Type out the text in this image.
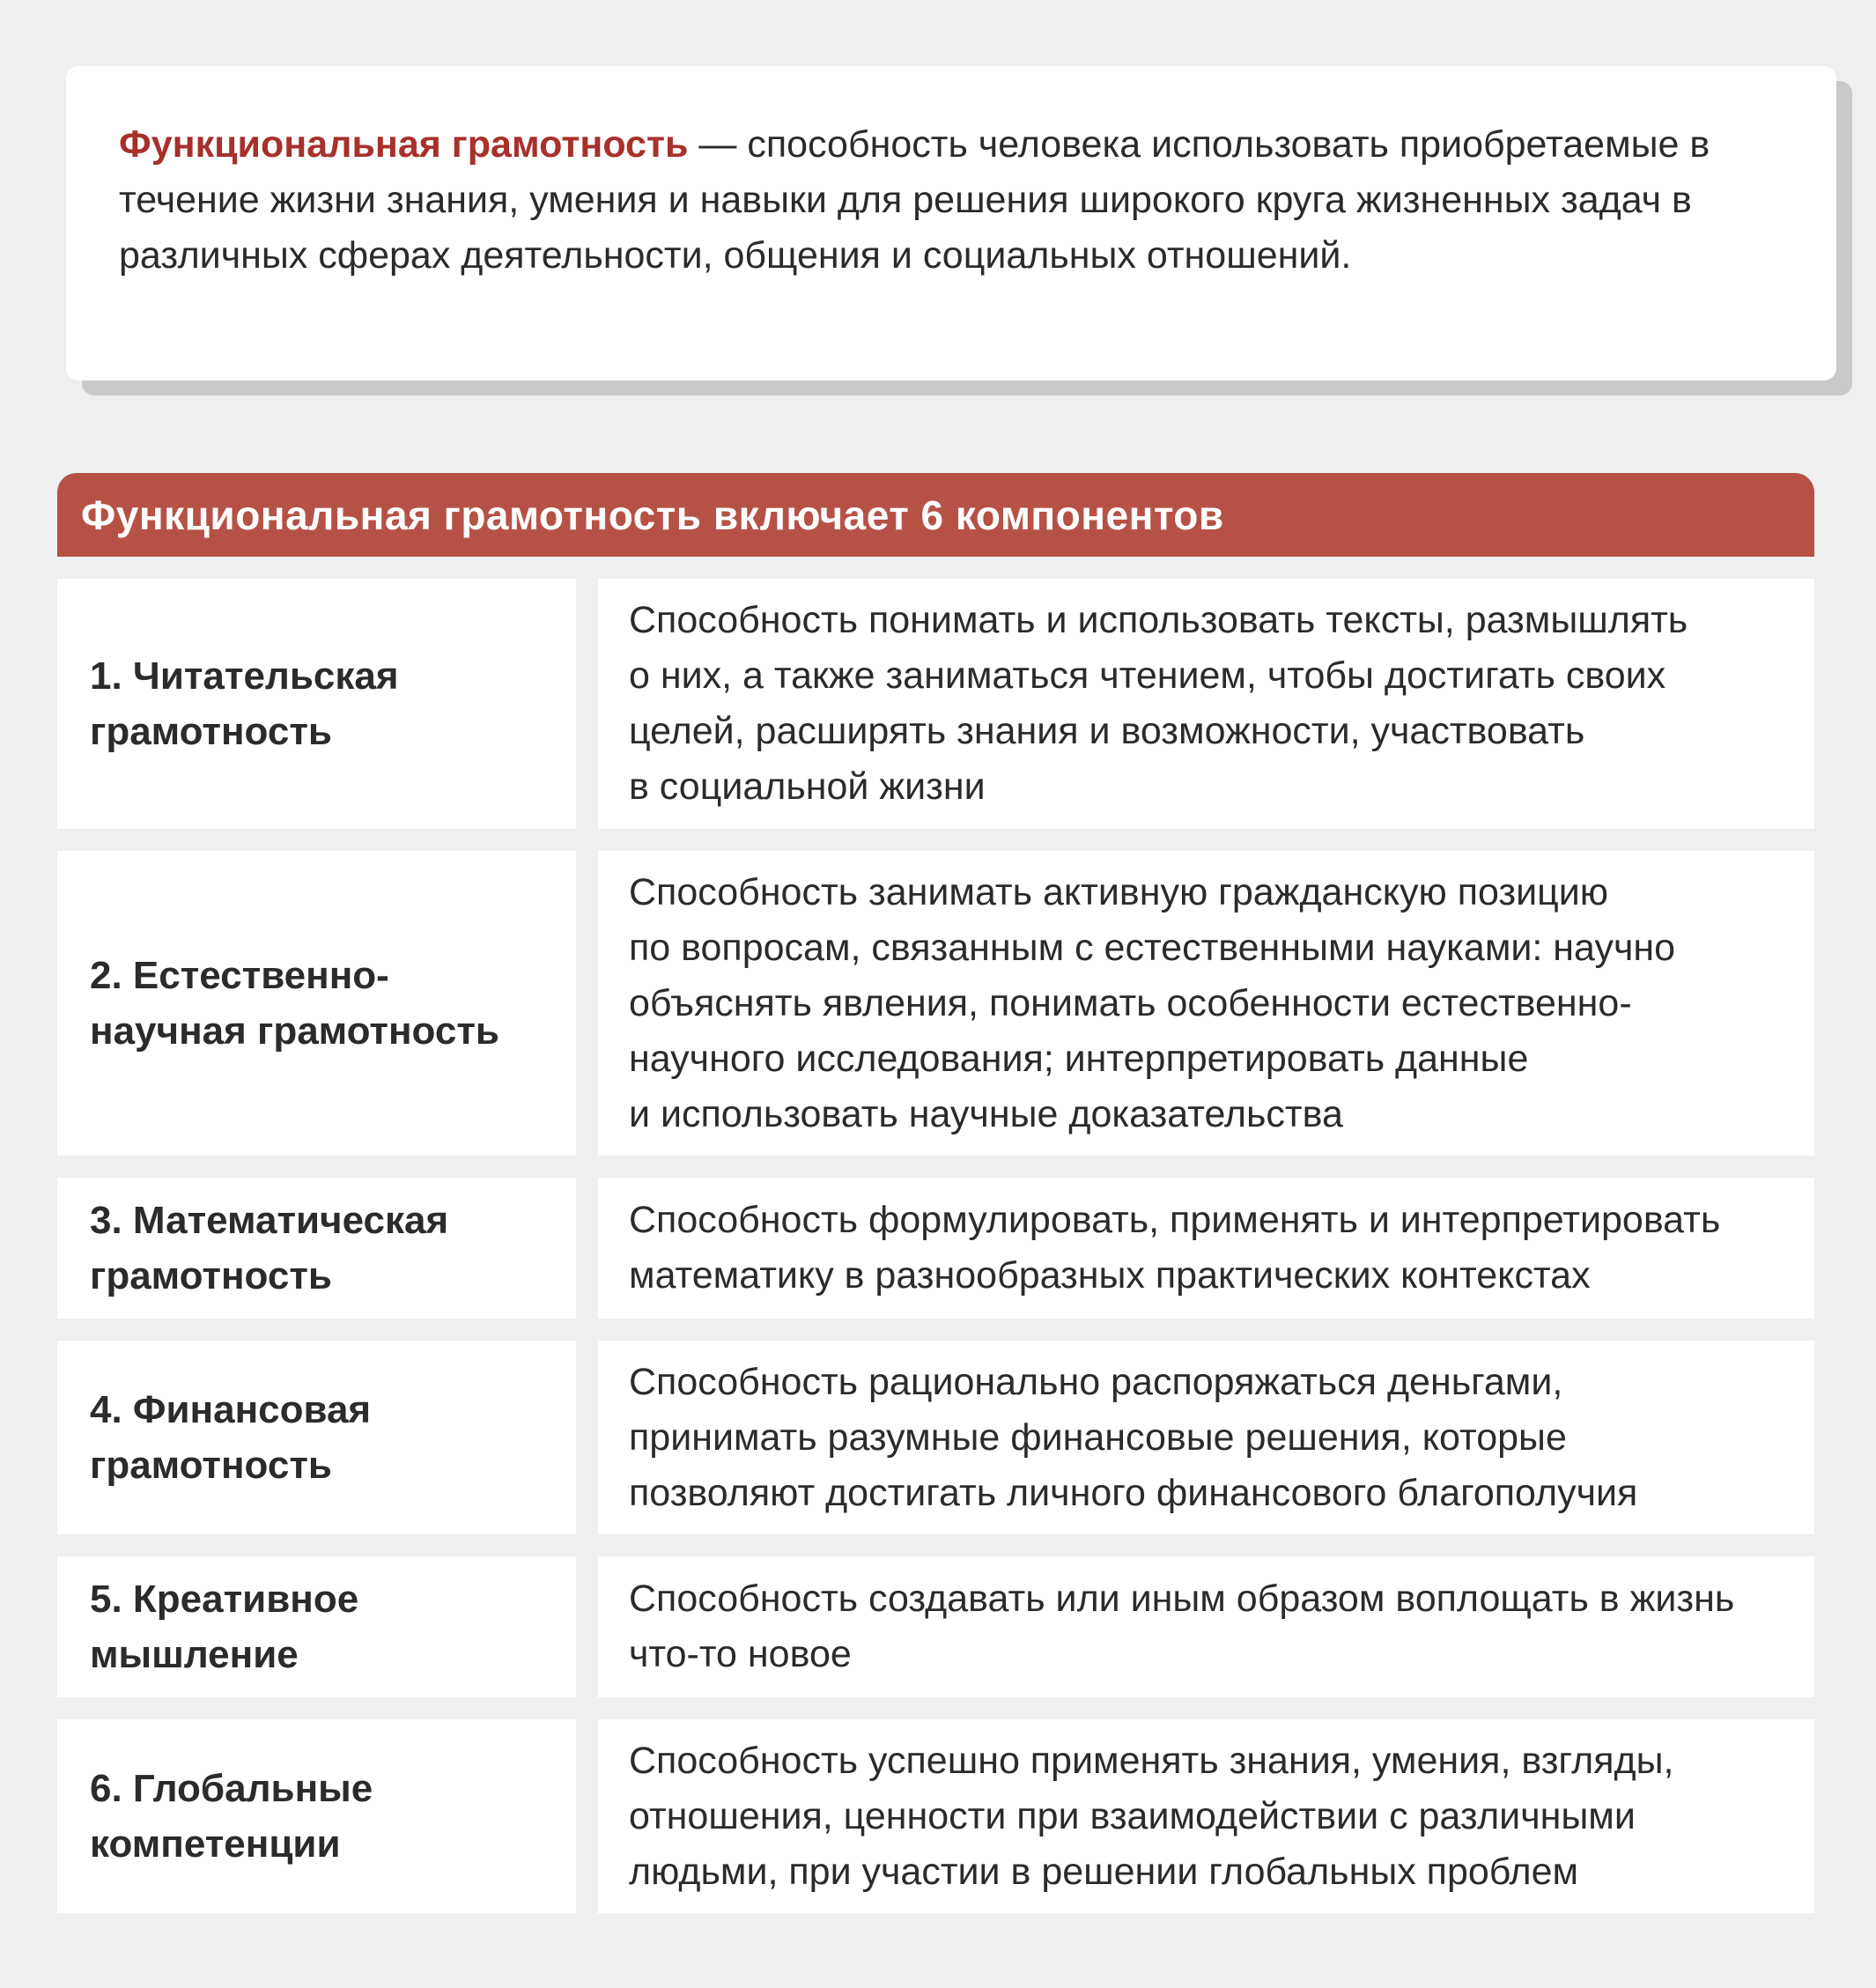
Функциональная грамотность — способность человека использовать приобретаемые в течение жизни знания, умения и навыки для решения широкого круга жизненных задач в различных сферах деятельности, общения и социальных отношений.

Функциональная грамотность включает 6 компонентов
1. Читательская
грамотность
Способность понимать и использовать тексты, размышлять
о них, а также заниматься чтением, чтобы достигать своих
целей, расширять знания и возможности, участвовать
в социальной жизни
2. Естественно-
научная грамотность
Способность занимать активную гражданскую позицию
по вопросам, связанным с естественными науками: научно
объяснять явления, понимать особенности естественно-
научного исследования; интерпретировать данные
и использовать научные доказательства
3. Математическая
грамотность
Способность формулировать, применять и интерпретировать
математику в разнообразных практических контекстах
4. Финансовая
грамотность
Способность рационально распоряжаться деньгами,
принимать разумные финансовые решения, которые
позволяют достигать личного финансового благополучия
5. Креативное
мышление
Способность создавать или иным образом воплощать в жизнь
что-то новое
6. Глобальные
компетенции
Способность успешно применять знания, умения, взгляды,
отношения, ценности при взаимодействии с различными
людьми, при участии в решении глобальных проблем
